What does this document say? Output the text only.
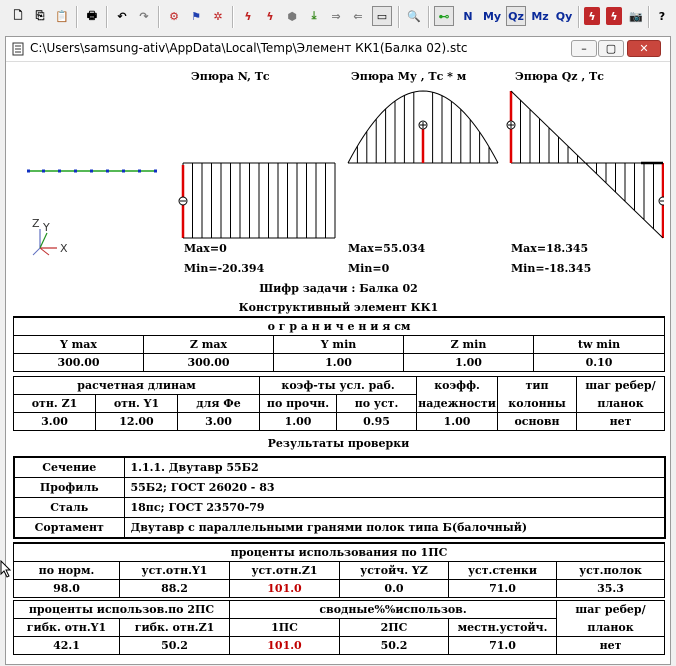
🗋	⎘ 📋	🖶	↶	↷	⚙	⚑	✲	ϟ	ϟ	⬢	⤓	⇒	⇐	▭	🔍	⊷	N My Qz Mz Qy	ϟ	ϟ	📷	?
C:\Users\samsung-ativ\AppData\Local\Temp\Элемент КК1(Балка 02).stc	–	▢	✕
Z Y
X
Эпюра N, Тс	Эпюра Му , Тс * м	Эпюра Qz , Тс
Max=0
Min=-20.394
Max=55.034
Min=0
Max=18.345
Min=-18.345
Шифр задачи : Балка 02
Конструктивный элемент КК1
о г р а н и ч е н и я см				
Y max	Z max	Y min	Z min	tw min
300.00	300.00	1.00	1.00	0.10
расчетная длинам			коэф-ты усл. раб.		коэфф.	тип	шаг ребер/
отн. Z1	отн. Y1	для Фе	по прочн.	по уст.	надежности	колонны	планок
3.00	12.00	3.00	1.00	0.95	1.00	основн	нет
Результаты проверки
Сечение	1.1.1. Двутавр 55Б2
Профиль	55Б2; ГОСТ 26020 - 83
Сталь	18пс; ГОСТ 23570-79
Сортамент	Двутавр с параллельными гранями полок типа Б(балочный)
проценты использования по 1ПС					
по норм.	уст.отн.Y1	уст.отн.Z1	устойч. YZ	уст.стенки	уст.полок
98.0	88.2	101.0	0.0	71.0	35.3
проценты использов.по 2ПС		сводные%%использов.			шаг ребер/
гибк. отн.Y1	гибк. отн.Z1	1ПС	2ПС	местн.устойч.	планок
42.1	50.2	101.0	50.2	71.0	нет
